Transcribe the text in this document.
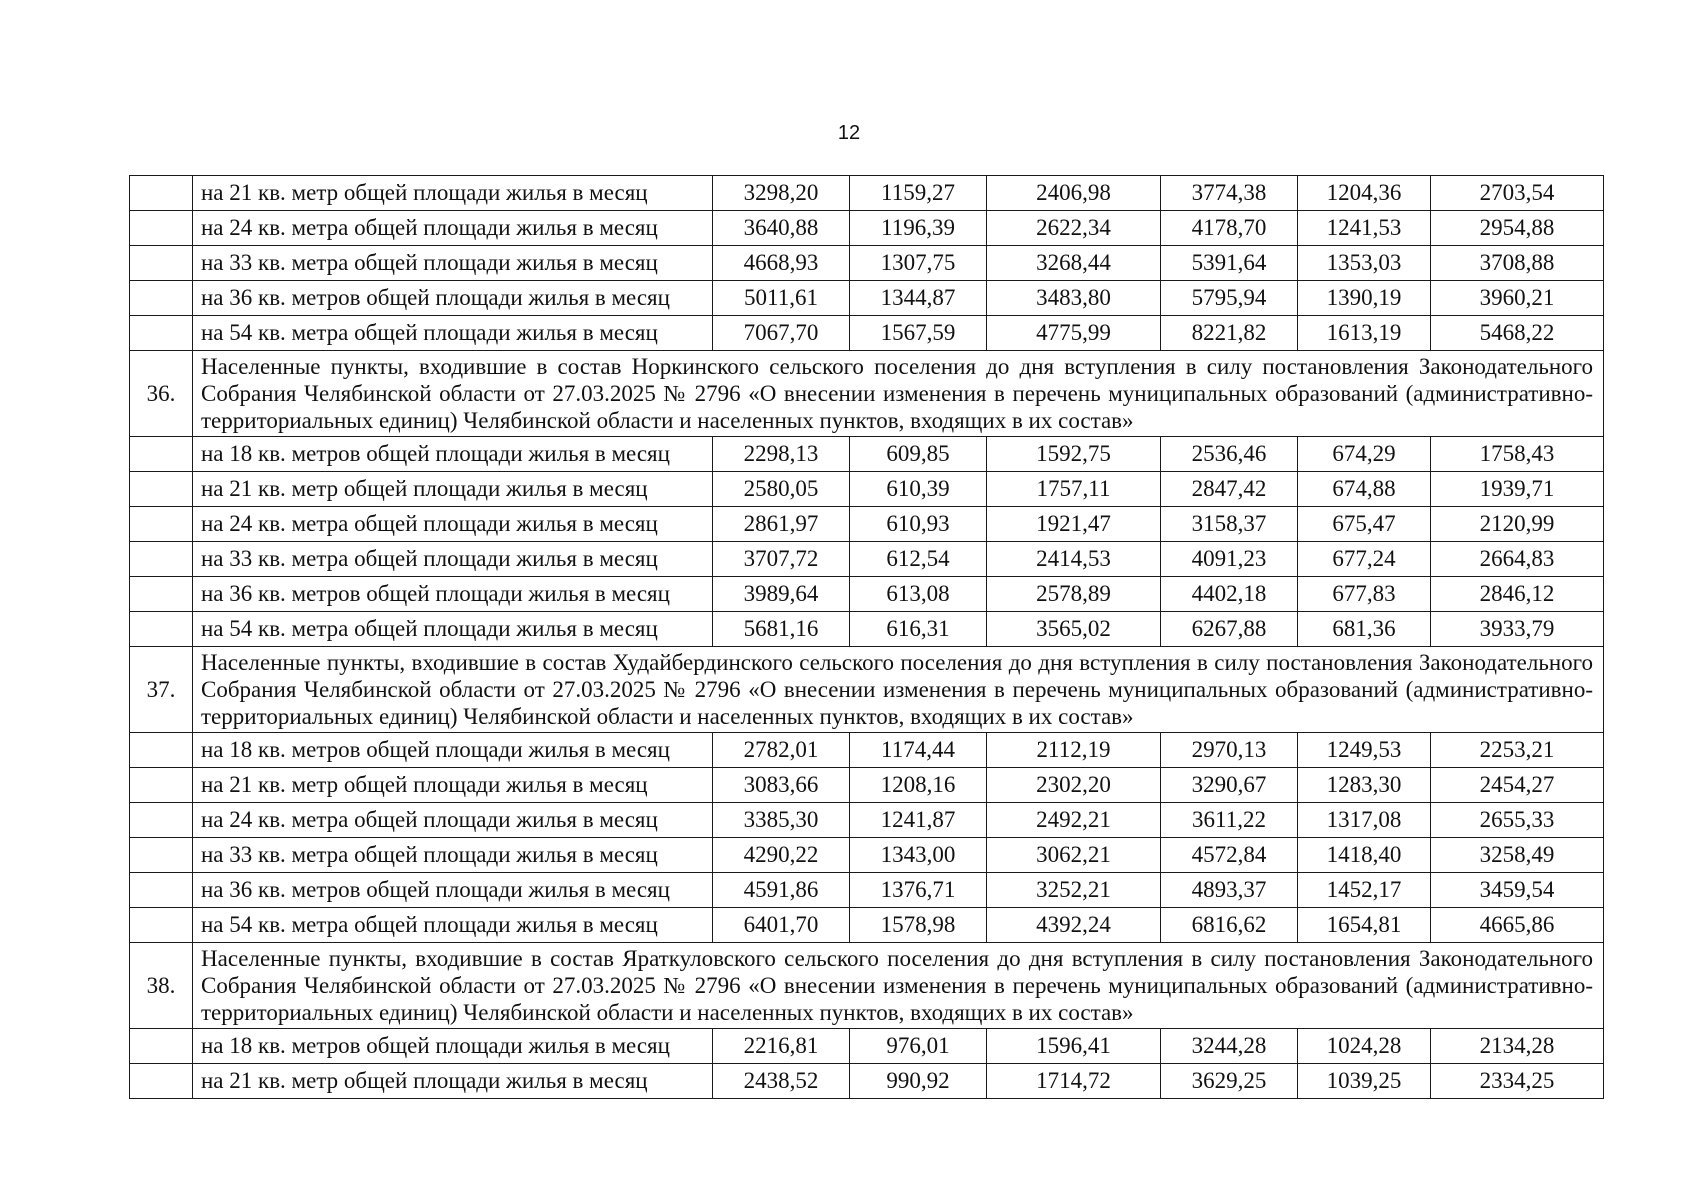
12
	на 21 кв. метр общей площади жилья в месяц	3298,20	1159,27	2406,98	3774,38	1204,36	2703,54
	на 24 кв. метра общей площади жилья в месяц	3640,88	1196,39	2622,34	4178,70	1241,53	2954,88
	на 33 кв. метра общей площади жилья в месяц	4668,93	1307,75	3268,44	5391,64	1353,03	3708,88
	на 36 кв. метров общей площади жилья в месяц	5011,61	1344,87	3483,80	5795,94	1390,19	3960,21
	на 54 кв. метра общей площади жилья в месяц	7067,70	1567,59	4775,99	8221,82	1613,19	5468,22
36.	Населенные пункты, входившие в состав Норкинского сельского поселения до дня вступления в силу постановления Законодательного Собрания Челябинской области от 27.03.2025 № 2796 «О внесении изменения в перечень муниципальных образований (административно-территориальных единиц) Челябинской области и населенных пунктов, входящих в их состав»						
	на 18 кв. метров общей площади жилья в месяц	2298,13	609,85	1592,75	2536,46	674,29	1758,43
	на 21 кв. метр общей площади жилья в месяц	2580,05	610,39	1757,11	2847,42	674,88	1939,71
	на 24 кв. метра общей площади жилья в месяц	2861,97	610,93	1921,47	3158,37	675,47	2120,99
	на 33 кв. метра общей площади жилья в месяц	3707,72	612,54	2414,53	4091,23	677,24	2664,83
	на 36 кв. метров общей площади жилья в месяц	3989,64	613,08	2578,89	4402,18	677,83	2846,12
	на 54 кв. метра общей площади жилья в месяц	5681,16	616,31	3565,02	6267,88	681,36	3933,79
37.	Населенные пункты, входившие в состав Худайбердинского сельского поселения до дня вступления в силу постановления Законодательного Собрания Челябинской области от 27.03.2025 № 2796 «О внесении изменения в перечень муниципальных образований (административно-территориальных единиц) Челябинской области и населенных пунктов, входящих в их состав»						
	на 18 кв. метров общей площади жилья в месяц	2782,01	1174,44	2112,19	2970,13	1249,53	2253,21
	на 21 кв. метр общей площади жилья в месяц	3083,66	1208,16	2302,20	3290,67	1283,30	2454,27
	на 24 кв. метра общей площади жилья в месяц	3385,30	1241,87	2492,21	3611,22	1317,08	2655,33
	на 33 кв. метра общей площади жилья в месяц	4290,22	1343,00	3062,21	4572,84	1418,40	3258,49
	на 36 кв. метров общей площади жилья в месяц	4591,86	1376,71	3252,21	4893,37	1452,17	3459,54
	на 54 кв. метра общей площади жилья в месяц	6401,70	1578,98	4392,24	6816,62	1654,81	4665,86
38.	Населенные пункты, входившие в состав Яраткуловского сельского поселения до дня вступления в силу постановления Законодательного Собрания Челябинской области от 27.03.2025 № 2796 «О внесении изменения в перечень муниципальных образований (административно-территориальных единиц) Челябинской области и населенных пунктов, входящих в их состав»						
	на 18 кв. метров общей площади жилья в месяц	2216,81	976,01	1596,41	3244,28	1024,28	2134,28
	на 21 кв. метр общей площади жилья в месяц	2438,52	990,92	1714,72	3629,25	1039,25	2334,25
